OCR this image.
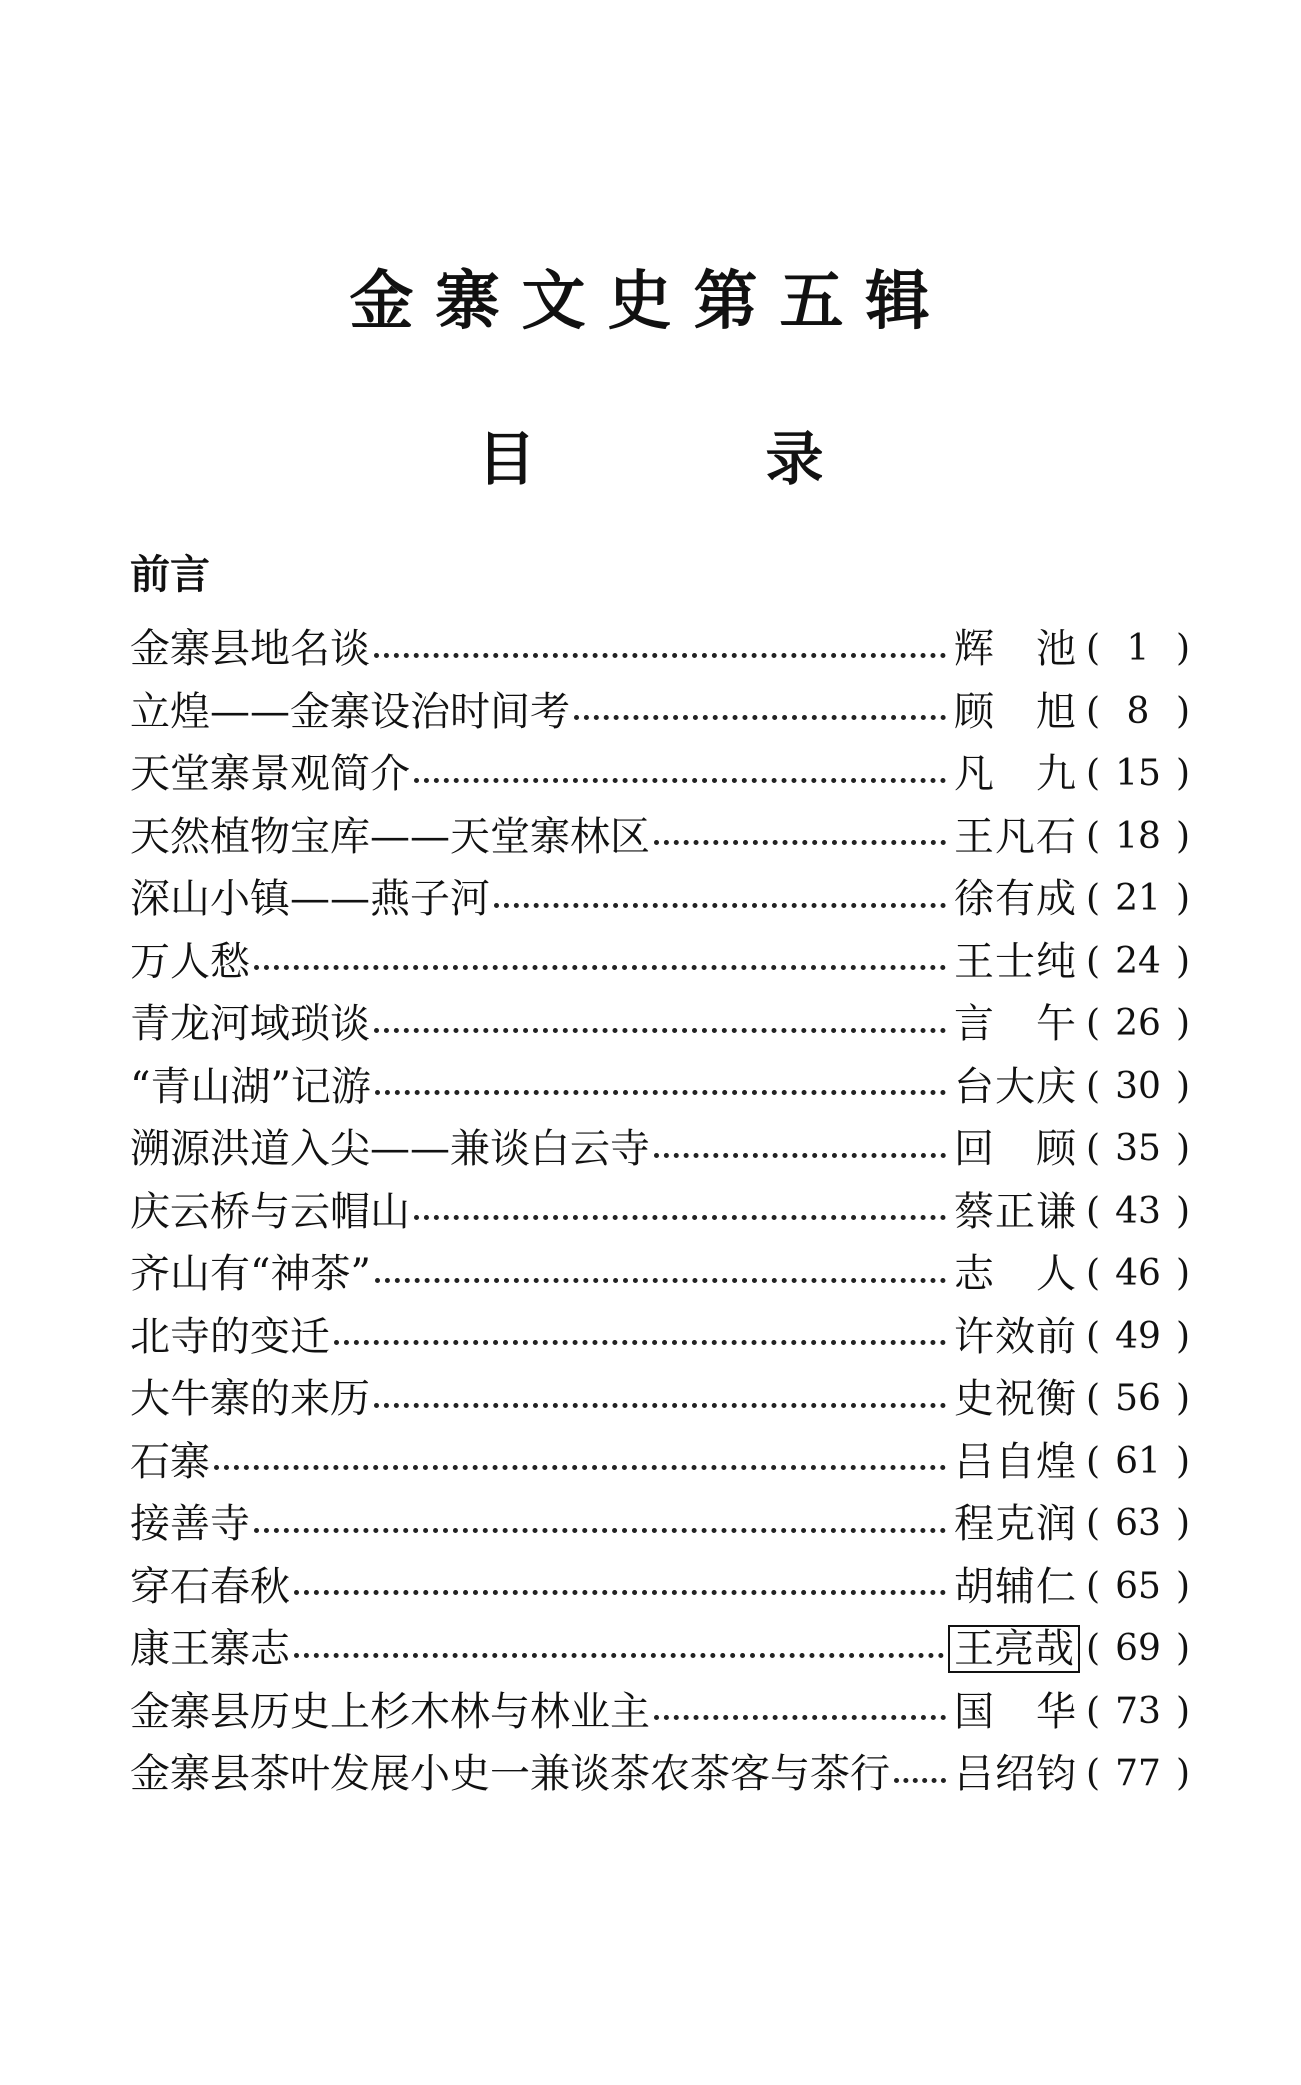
金寨文史第五辑
目	录
前言
金寨县地名谈	辉 池 ( 1 )
立煌——金寨设治时间考	顾 旭 ( 8 )
天堂寨景观简介	凡 九 ( 15 )
天然植物宝库——天堂寨林区	王凡石 ( 18 )
深山小镇——燕子河	徐有成 ( 21 )
万人愁	王士纯 ( 24 )
青龙河域琐谈	言 午 ( 26 )
“青山湖”记游	台大庆 ( 30 )
溯源洪道入尖——兼谈白云寺	回 顾 ( 35 )
庆云桥与云帽山	蔡正谦 ( 43 )
齐山有“神茶”	志 人 ( 46 )
北寺的变迁	许效前 ( 49 )
大牛寨的来历	史祝衡 ( 56 )
石寨	吕自煌 ( 61 )
接善寺	程克润 ( 63 )
穿石春秋	胡辅仁 ( 65 )
康王寨志	王亮哉 ( 69 )
金寨县历史上杉木林与林业主	国 华 ( 73 )
金寨县茶叶发展小史一兼谈茶农茶客与茶行 吕绍钧 ( 77 )
